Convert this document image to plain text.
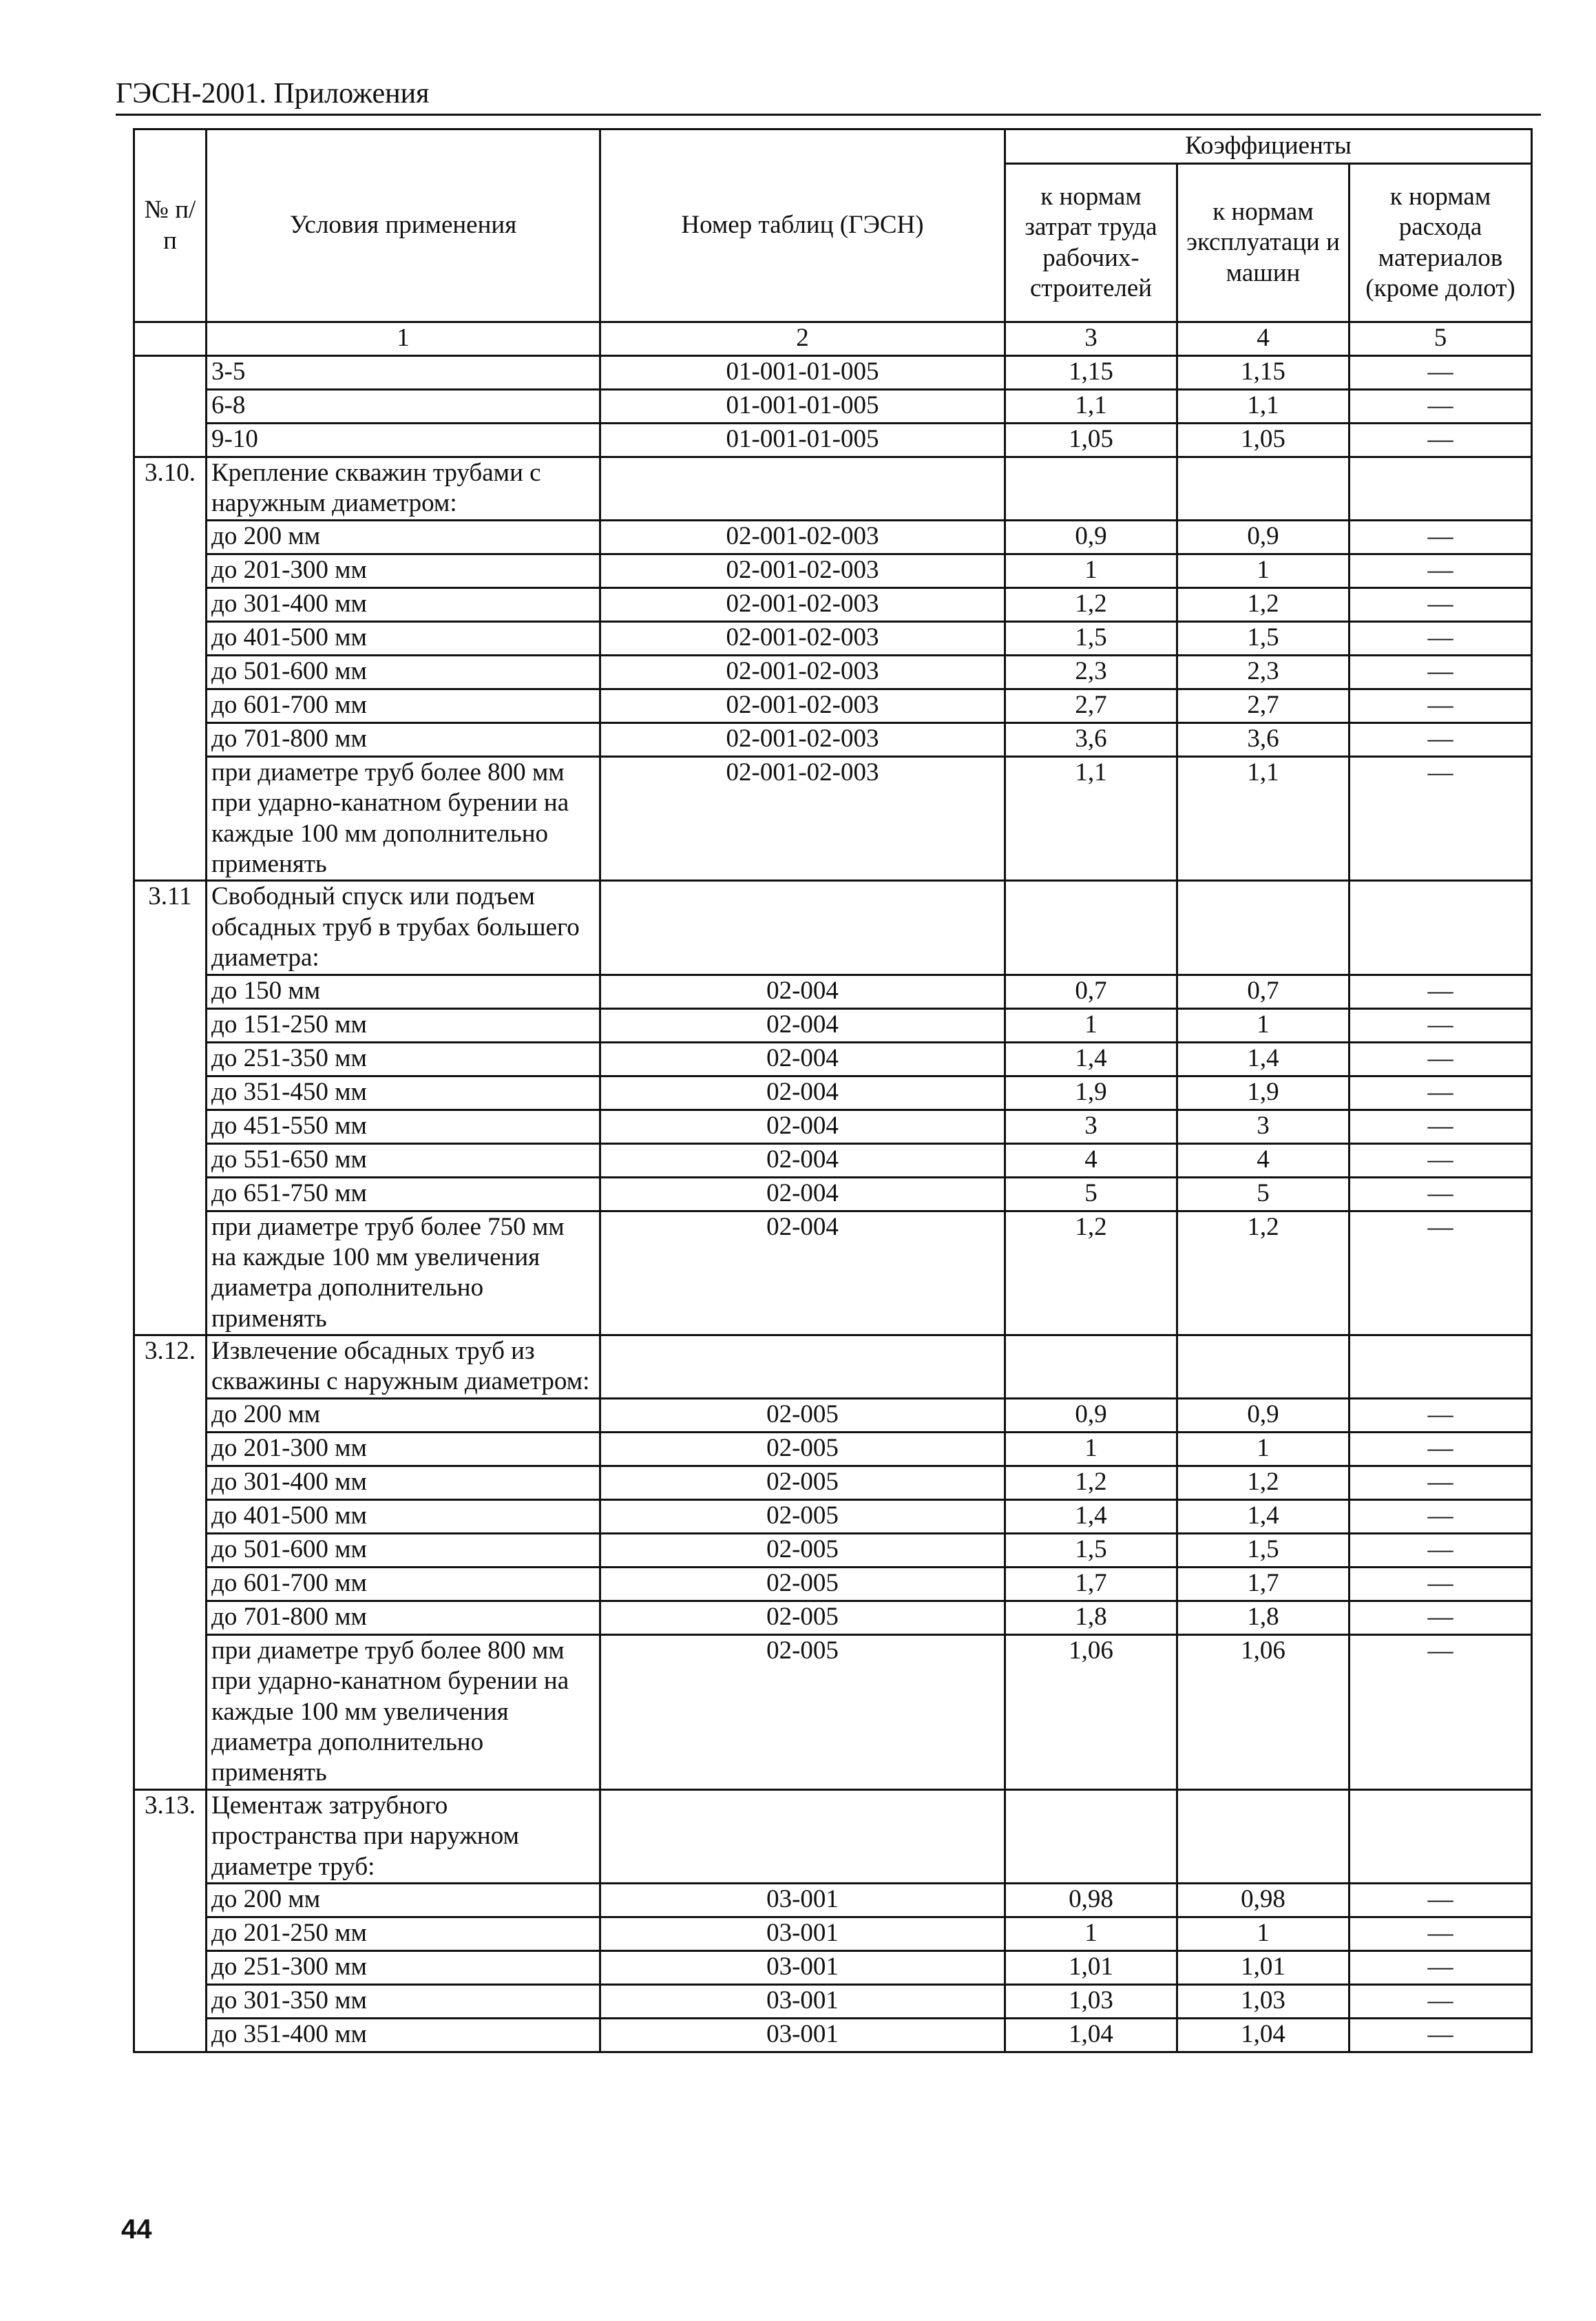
ГЭСН-2001. Приложения
№ п/п	Условия применения	Номер таблиц (ГЭСН)	Коэффициенты		
			к нормам затрат труда рабочих-строителей	к нормам эксплуатаци и машин	к нормам расхода материалов (кроме долот)
	1	2	3	4	5
	3-5	01-001-01-005	1,15	1,15	—
	6-8	01-001-01-005	1,1	1,1	—
	9-10	01-001-01-005	1,05	1,05	—
3.10.	Крепление скважин трубами с наружным диаметром:				
	до 200 мм	02-001-02-003	0,9	0,9	—
	до 201-300 мм	02-001-02-003	1	1	—
	до 301-400 мм	02-001-02-003	1,2	1,2	—
	до 401-500 мм	02-001-02-003	1,5	1,5	—
	до 501-600 мм	02-001-02-003	2,3	2,3	—
	до 601-700 мм	02-001-02-003	2,7	2,7	—
	до 701-800 мм	02-001-02-003	3,6	3,6	—
	при диаметре труб более 800 мм при ударно-канатном бурении на каждые 100 мм дополнительно применять	02-001-02-003	1,1	1,1	—
3.11	Свободный спуск или подъем обсадных труб в трубах большего диаметра:				
	до 150 мм	02-004	0,7	0,7	—
	до 151-250 мм	02-004	1	1	—
	до 251-350 мм	02-004	1,4	1,4	—
	до 351-450 мм	02-004	1,9	1,9	—
	до 451-550 мм	02-004	3	3	—
	до 551-650 мм	02-004	4	4	—
	до 651-750 мм	02-004	5	5	—
	при диаметре труб более 750 мм на каждые 100 мм увеличения диаметра дополнительно применять	02-004	1,2	1,2	—
3.12.	Извлечение обсадных труб из скважины с наружным диаметром:				
	до 200 мм	02-005	0,9	0,9	—
	до 201-300 мм	02-005	1	1	—
	до 301-400 мм	02-005	1,2	1,2	—
	до 401-500 мм	02-005	1,4	1,4	—
	до 501-600 мм	02-005	1,5	1,5	—
	до 601-700 мм	02-005	1,7	1,7	—
	до 701-800 мм	02-005	1,8	1,8	—
	при диаметре труб более 800 мм при ударно-канатном бурении на каждые 100 мм увеличения диаметра дополнительно применять	02-005	1,06	1,06	—
3.13.	Цементаж затрубного пространства при наружном диаметре труб:				
	до 200 мм	03-001	0,98	0,98	—
	до 201-250 мм	03-001	1	1	—
	до 251-300 мм	03-001	1,01	1,01	—
	до 301-350 мм	03-001	1,03	1,03	—
	до 351-400 мм	03-001	1,04	1,04	—
44
